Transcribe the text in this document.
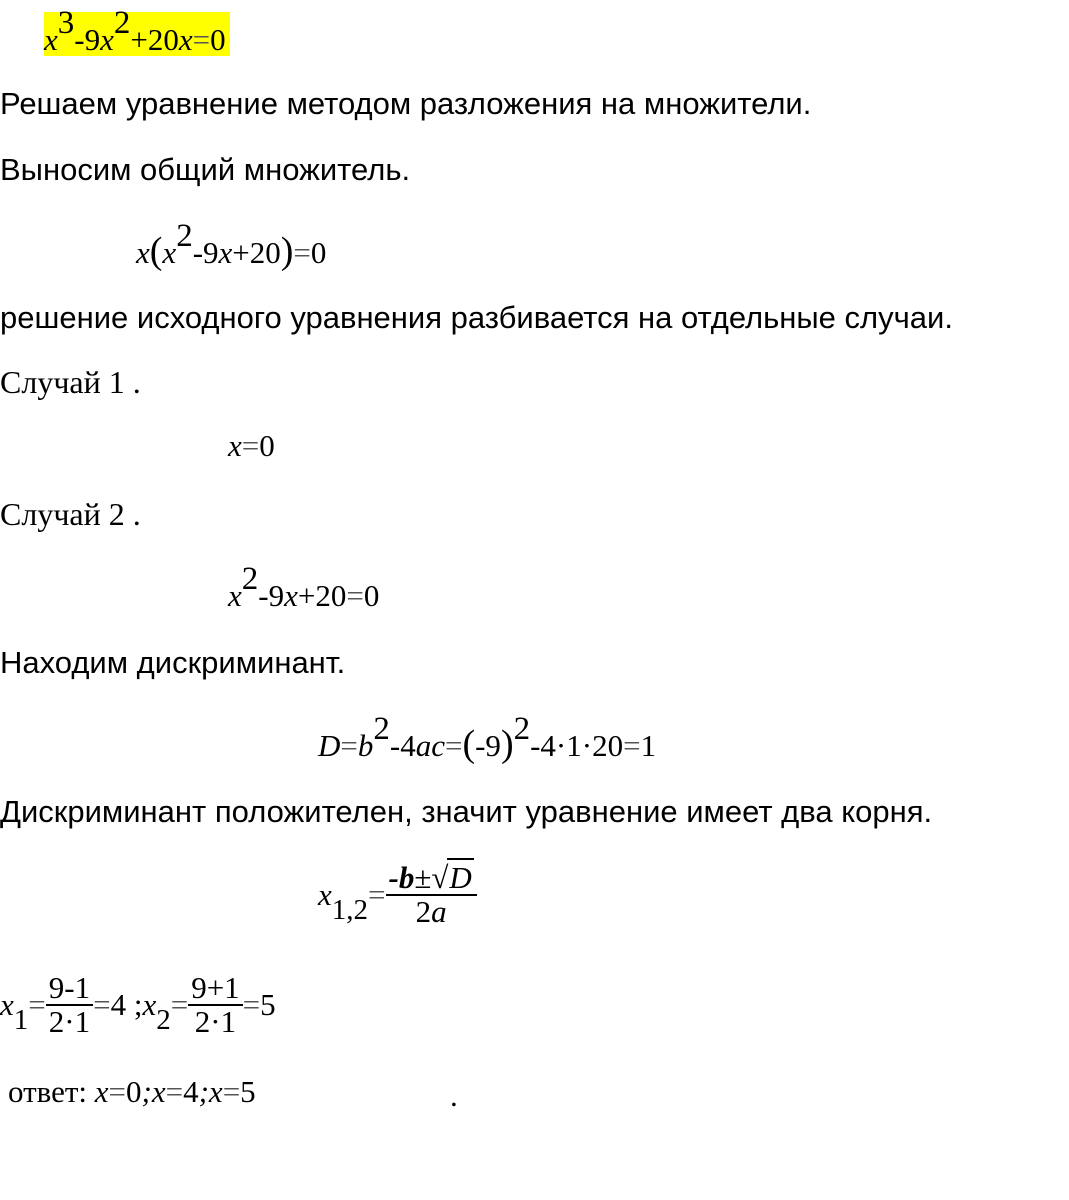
x3-9x2+20x=0
Решаем уравнение методом разложения на множители.
Выносим общий множитель.
x(x2-9x+20)=0
решение исходного уравнения разбивается на отдельные случаи.
Случай 1 .
x=0
Случай 2 .
x2-9x+20=0
Находим дискриминант.
D=b2-4ac=(-9)2-4·1·20=1
Дискриминант положителен, значит уравнение имеет два корня.
$x1,2= \frac{-b\pm√D}{2a}$
$x1= \frac{9-1}{2\cdot 1} =4$ ;x2= $\frac{9+1}{2\cdot 1} =5$
ответ: x=0;x=4;x=5	.
